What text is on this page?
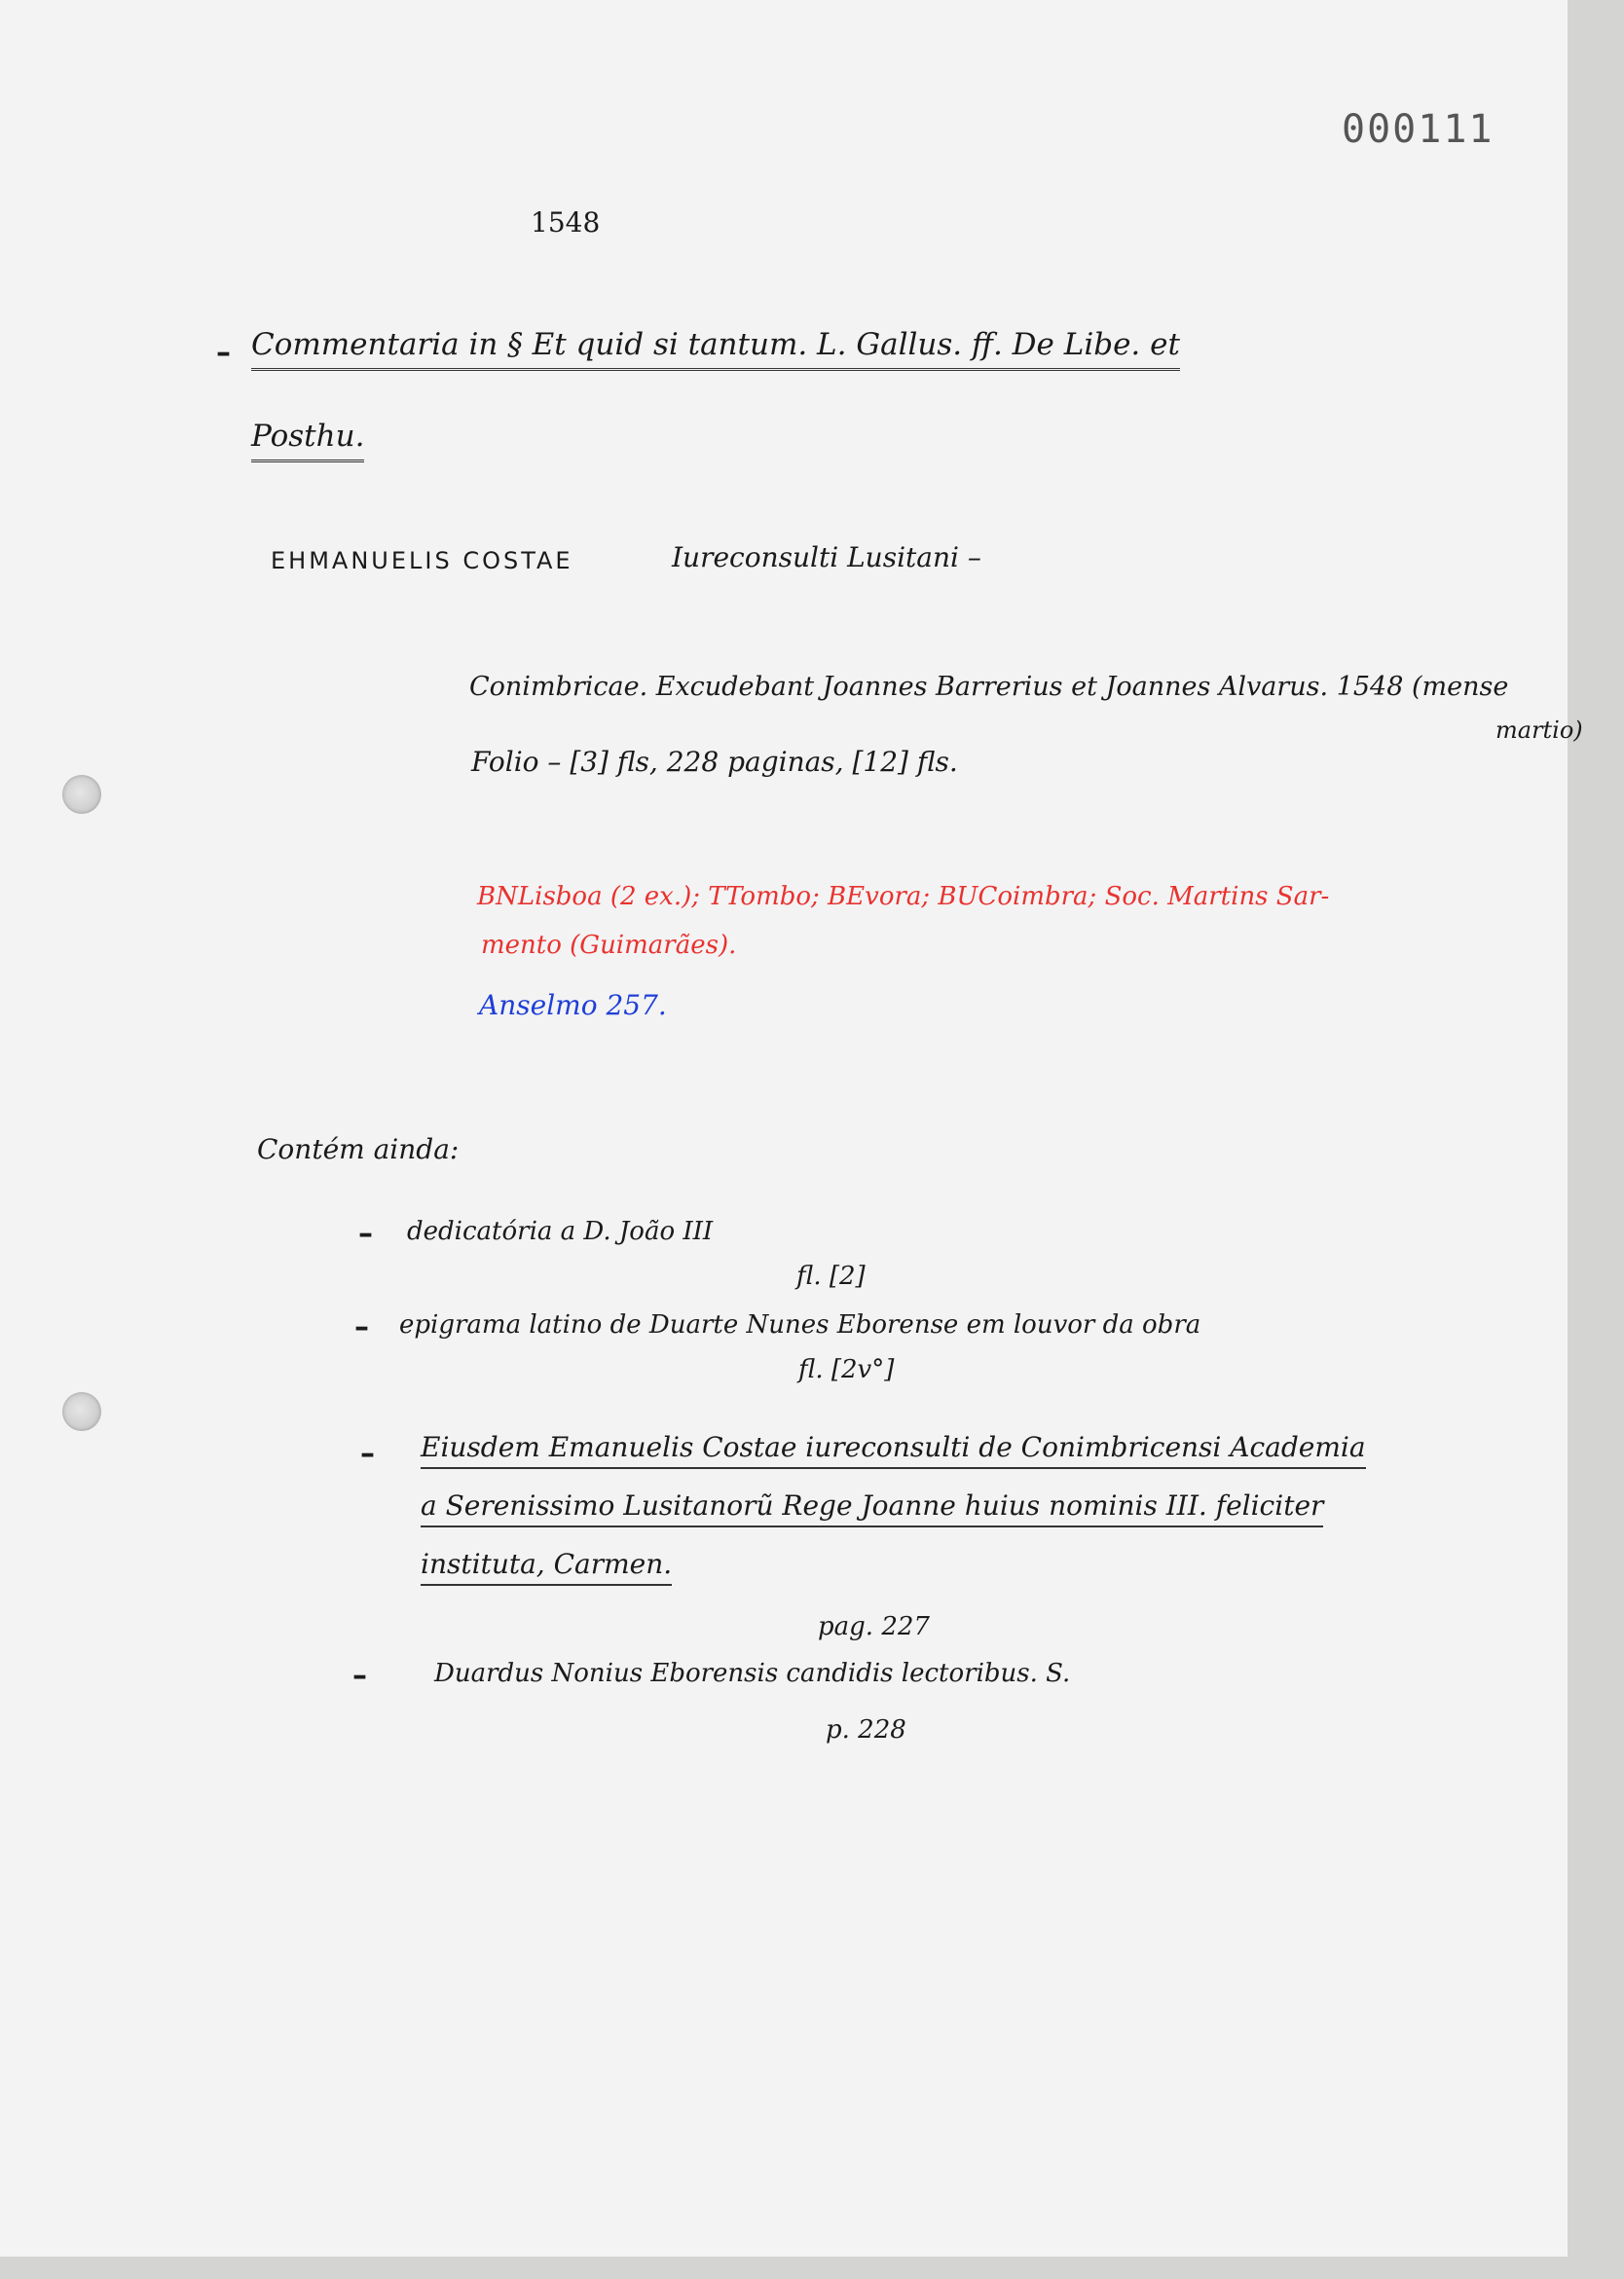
000111
1548
– Commentaria in § Et quid si tantum. L. Gallus. ff. De Libe. et
Posthu.
EHMANUELIS COSTAE	Iureconsulti Lusitani –
Conimbricae. Excudebant Joannes Barrerius et Joannes Alvarus. 1548 (mense
martio)
Folio – [3] fls, 228 paginas, [12] fls.
BNLisboa (2 ex.); TTombo; BEvora; BUCoimbra; Soc. Martins Sar-
mento (Guimarães).
Anselmo 257.
Contém ainda:
– dedicatória a D. João III
fl. [2]
– epigrama latino de Duarte Nunes Eborense em louvor da obra
fl. [2v°]
– Eiusdem Emanuelis Costae iureconsulti de Conimbricensi Academia
a Serenissimo Lusitanorũ Rege Joanne huius nominis III. feliciter
instituta, Carmen.
pag. 227
–	Duardus Nonius Eborensis candidis lectoribus. S.
p. 228
